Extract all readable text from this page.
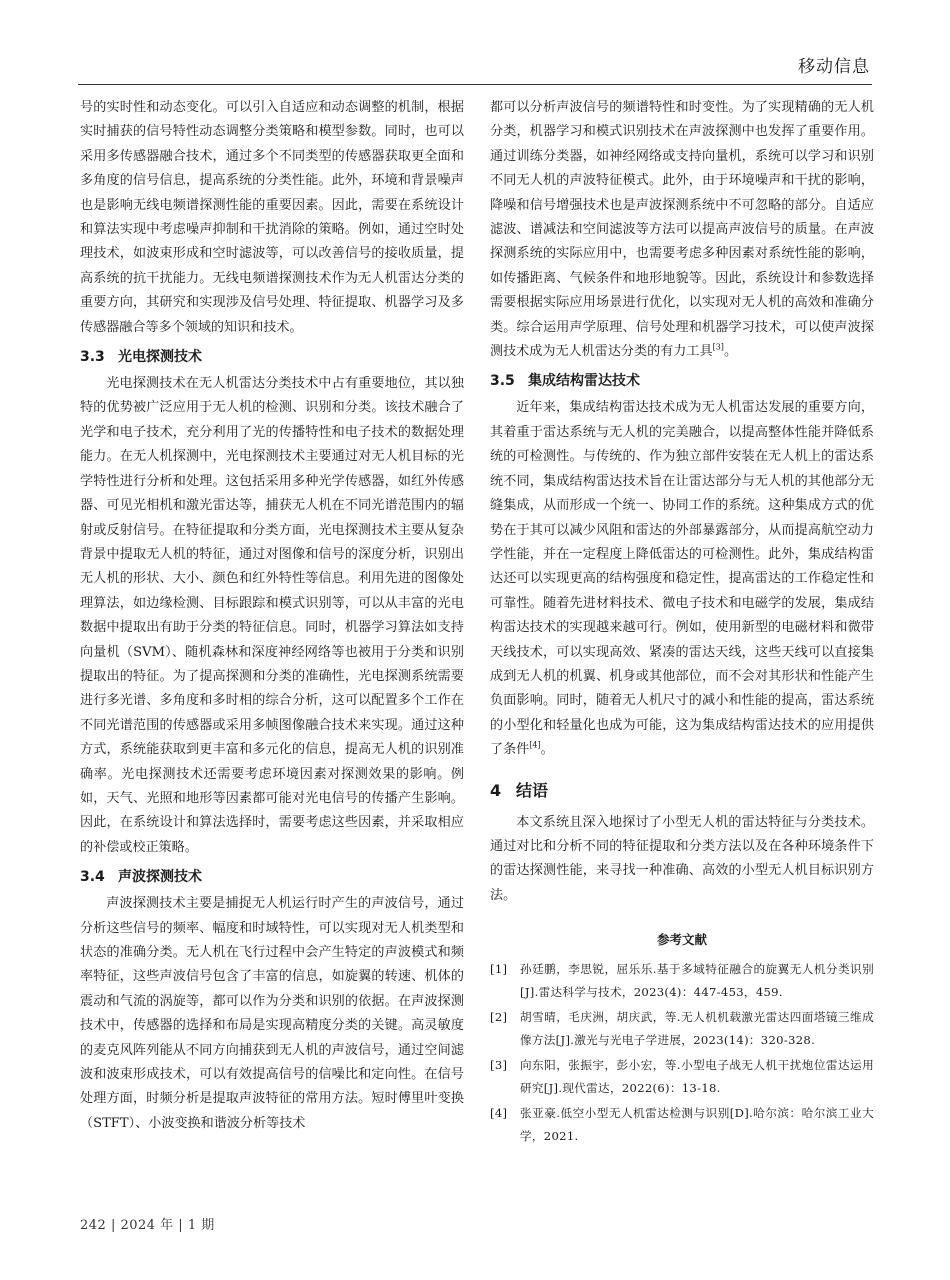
移动信息

号的实时性和动态变化。可以引入自适应和动态调整的机制，根据实时捕获的信号特性动态调整分类策略和模型参数。同时，也可以采用多传感器融合技术，通过多个不同类型的传感器获取更全面和多角度的信号信息，提高系统的分类性能。此外，环境和背景噪声也是影响无线电频谱探测性能的重要因素。因此，需要在系统设计和算法实现中考虑噪声抑制和干扰消除的策略。例如，通过空时处理技术，如波束形成和空时滤波等，可以改善信号的接收质量，提高系统的抗干扰能力。无线电频谱探测技术作为无人机雷达分类的重要方向，其研究和实现涉及信号处理、特征提取、机器学习及多传感器融合等多个领域的知识和技术。

3.3 光电探测技术

光电探测技术在无人机雷达分类技术中占有重要地位，其以独特的优势被广泛应用于无人机的检测、识别和分类。该技术融合了光学和电子技术，充分利用了光的传播特性和电子技术的数据处理能力。在无人机探测中，光电探测技术主要通过对无人机目标的光学特性进行分析和处理。这包括采用多种光学传感器，如红外传感器、可见光相机和激光雷达等，捕获无人机在不同光谱范围内的辐射或反射信号。在特征提取和分类方面，光电探测技术主要从复杂背景中提取无人机的特征，通过对图像和信号的深度分析，识别出无人机的形状、大小、颜色和红外特性等信息。利用先进的图像处理算法，如边缘检测、目标跟踪和模式识别等，可以从丰富的光电数据中提取出有助于分类的特征信息。同时，机器学习算法如支持向量机（SVM）、随机森林和深度神经网络等也被用于分类和识别提取出的特征。为了提高探测和分类的准确性，光电探测系统需要进行多光谱、多角度和多时相的综合分析，这可以配置多个工作在不同光谱范围的传感器或采用多帧图像融合技术来实现。通过这种方式，系统能获取到更丰富和多元化的信息，提高无人机的识别准确率。光电探测技术还需要考虑环境因素对探测效果的影响。例如，天气、光照和地形等因素都可能对光电信号的传播产生影响。因此，在系统设计和算法选择时，需要考虑这些因素，并采取相应的补偿或校正策略。

3.4 声波探测技术

声波探测技术主要是捕捉无人机运行时产生的声波信号，通过分析这些信号的频率、幅度和时域特性，可以实现对无人机类型和状态的准确分类。无人机在飞行过程中会产生特定的声波模式和频率特征，这些声波信号包含了丰富的信息，如旋翼的转速、机体的震动和气流的涡旋等，都可以作为分类和识别的依据。在声波探测技术中，传感器的选择和布局是实现高精度分类的关键。高灵敏度的麦克风阵列能从不同方向捕获到无人机的声波信号，通过空间滤波和波束形成技术，可以有效提高信号的信噪比和定向性。在信号处理方面，时频分析是提取声波特征的常用方法。短时傅里叶变换（STFT）、小波变换和谐波分析等技术

都可以分析声波信号的频谱特性和时变性。为了实现精确的无人机分类，机器学习和模式识别技术在声波探测中也发挥了重要作用。通过训练分类器，如神经网络或支持向量机，系统可以学习和识别不同无人机的声波特征模式。此外，由于环境噪声和干扰的影响，降噪和信号增强技术也是声波探测系统中不可忽略的部分。自适应滤波、谱减法和空间滤波等方法可以提高声波信号的质量。在声波探测系统的实际应用中，也需要考虑多种因素对系统性能的影响，如传播距离、气候条件和地形地貌等。因此，系统设计和参数选择需要根据实际应用场景进行优化，以实现对无人机的高效和准确分类。综合运用声学原理、信号处理和机器学习技术，可以使声波探测技术成为无人机雷达分类的有力工具[3]。

3.5 集成结构雷达技术

近年来，集成结构雷达技术成为无人机雷达发展的重要方向，其着重于雷达系统与无人机的完美融合，以提高整体性能并降低系统的可检测性。与传统的、作为独立部件安装在无人机上的雷达系统不同，集成结构雷达技术旨在让雷达部分与无人机的其他部分无缝集成，从而形成一个统一、协同工作的系统。这种集成方式的优势在于其可以减少风阻和雷达的外部暴露部分，从而提高航空动力学性能，并在一定程度上降低雷达的可检测性。此外，集成结构雷达还可以实现更高的结构强度和稳定性，提高雷达的工作稳定性和可靠性。随着先进材料技术、微电子技术和电磁学的发展，集成结构雷达技术的实现越来越可行。例如，使用新型的电磁材料和微带天线技术，可以实现高效、紧凑的雷达天线，这些天线可以直接集成到无人机的机翼、机身或其他部位，而不会对其形状和性能产生负面影响。同时，随着无人机尺寸的减小和性能的提高，雷达系统的小型化和轻量化也成为可能，这为集成结构雷达技术的应用提供了条件[4]。

4 结语

本文系统且深入地探讨了小型无人机的雷达特征与分类技术。通过对比和分析不同的特征提取和分类方法以及在各种环境条件下的雷达探测性能，来寻找一种准确、高效的小型无人机目标识别方法。

参考文献
[1]	孙廷鹏，李思锐，屈乐乐.基于多域特征融合的旋翼无人机分类识别[J].雷达科学与技术，2023(4)：447-453，459.
[2]	胡雪晴，毛庆洲，胡庆武，等.无人机机载激光雷达四面塔镜三维成像方法[J].激光与光电子学进展，2023(14)：320-328.
[3]	向东阳，张振宇，彭小宏，等.小型电子战无人机干扰炮位雷达运用研究[J].现代雷达，2022(6)：13-18.
[4]	张亚豪.低空小型无人机雷达检测与识别[D].哈尔滨：哈尔滨工业大学，2021.
242 | 2024 年 | 1 期
